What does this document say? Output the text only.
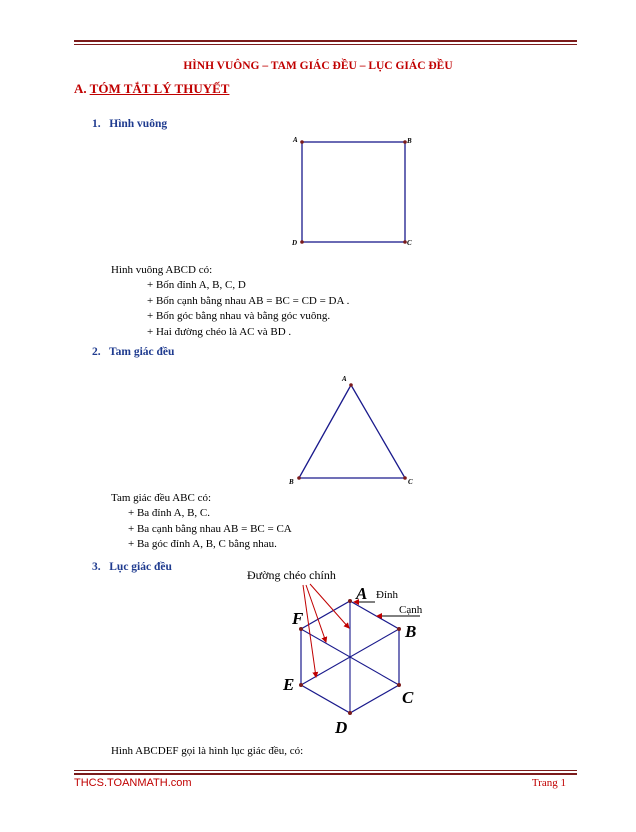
HÌNH VUÔNG – TAM GIÁC ĐỀU – LỤC GIÁC ĐỀU
A. TÓM TẮT LÝ THUYẾT
1. Hình vuông
A	B
C
D
Hình vuông ABCD có:
+ Bốn đỉnh A, B, C, D
+ Bốn cạnh bằng nhau AB = BC = CD = DA .
+ Bốn góc bằng nhau và bằng góc vuông.
+ Hai đường chéo là AC và BD .
2. Tam giác đều
A
B	C
Tam giác đều ABC có:
+ Ba đỉnh A, B, C.
+ Ba cạnh bằng nhau AB = BC = CA
+ Ba góc đỉnh A, B, C bằng nhau.
3. Lục giác đều
A
B
C
D
E
F
Đường chéo chính
Đỉnh
Cạnh
Hình ABCDEF gọi là hình lục giác đều, có:
THCS.TOANMATH.com	Trang 1
